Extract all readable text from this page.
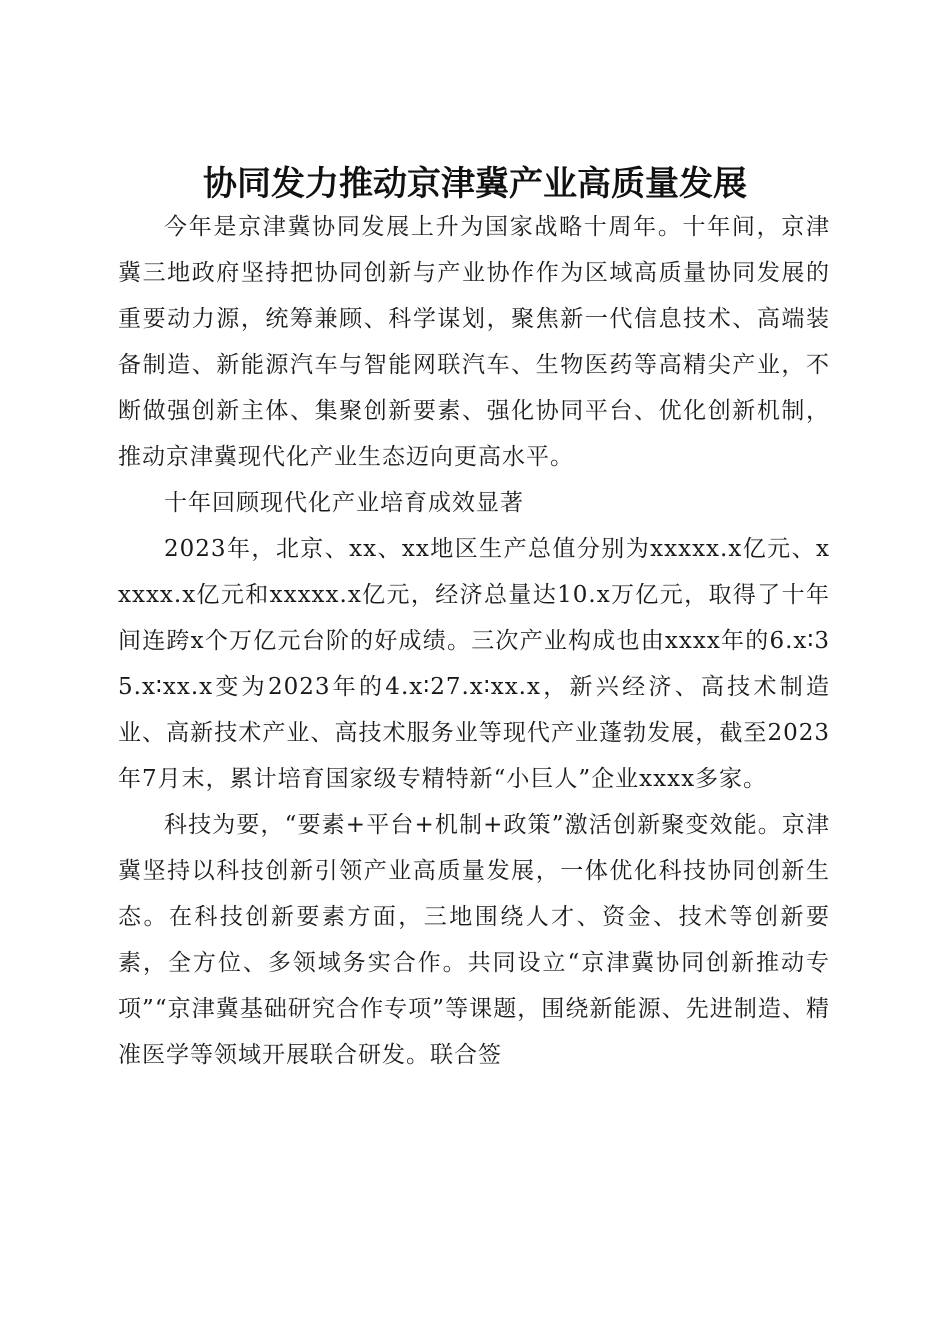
协同发力推动京津冀产业高质量发展

今年是京津冀协同发展上升为国家战略十周年。十年间，京津冀三地政府坚持把协同创新与产业协作作为区域高质量协同发展的重要动力源，统筹兼顾、科学谋划，聚焦新一代信息技术、高端装备制造、新能源汽车与智能网联汽车、生物医药等高精尖产业，不断做强创新主体、集聚创新要素、强化协同平台、优化创新机制，推动京津冀现代化产业生态迈向更高水平。

十年回顾现代化产业培育成效显著

2023年，北京、xx、xx地区生产总值分别为xxxxx.x亿元、xxxxx.x亿元和xxxxx.x亿元，经济总量达10.x万亿元，取得了十年间连跨x个万亿元台阶的好成绩。三次产业构成也由xxxx年的6.x∶35.x∶xx.x变为2023年的4.x∶27.x∶xx.x，新兴经济、高技术制造业、高新技术产业、高技术服务业等现代产业蓬勃发展，截至2023年7月末，累计培育国家级专精特新“小巨人”企业xxxx多家。

科技为要，“要素+平台+机制+政策”激活创新聚变效能。京津冀坚持以科技创新引领产业高质量发展，一体优化科技协同创新生态。在科技创新要素方面，三地围绕人才、资金、技术等创新要素，全方位、多领域务实合作。共同设立“京津冀协同创新推动专项”“京津冀基础研究合作专项”等课题，围绕新能源、先进制造、精准医学等领域开展联合研发。联合签
